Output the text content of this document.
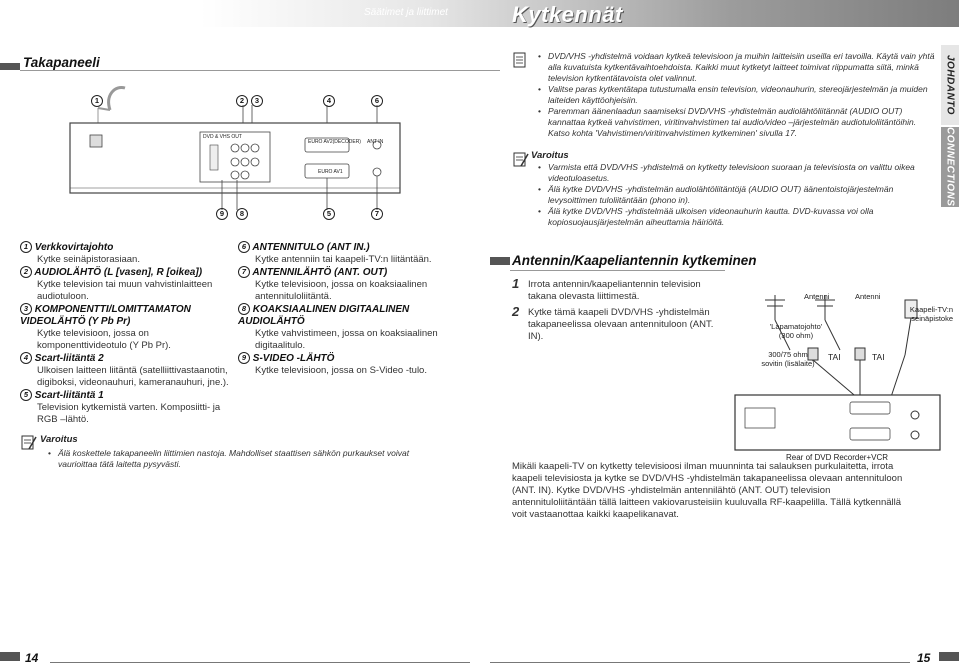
Säätimet ja liittimet	Kytkennät
Takapaneeli
1	2 3	4	6
DVD & VHS OUT
EURO AV2(DECODER)
EURO AV1
ANT IN
9	8	5	7
1 Verkkovirtajohto
Kytke seinäpistorasiaan.
2 AUDIOLÄHTÖ (L [vasen], R [oikea])
Kytke television tai muun vahvistinlaitteen audiotuloon.
3 KOMPONENTTI/LOMITTAMATON VIDEOLÄHTÖ (Y Pb Pr)
Kytke televisioon, jossa on komponenttivideotulo (Y Pb Pr).
4 Scart-liitäntä 2
Ulkoisen laitteen liitäntä (satelliittivastaanotin, digiboksi, videonauhuri, kameranauhuri, jne.).
5 Scart-liitäntä 1
Television kytkemistä varten. Komposiitti- ja RGB –lähtö.
6 ANTENNITULO (ANT IN.)
Kytke antenniin tai kaapeli-TV:n liitäntään.
7 ANTENNILÄHTÖ (ANT. OUT)
Kytke televisioon, jossa on koaksiaalinen antennituloliitäntä.
8 KOAKSIAALINEN DIGITAALINEN AUDIOLÄHTÖ
Kytke vahvistimeen, jossa on koaksiaalinen digitaalitulo.
9 S-VIDEO -LÄHTÖ
Kytke televisioon, jossa on S-Video -tulo.
Varoitus
• Älä koskettele takapaneelin liittimien nastoja. Mahdolliset staattisen sähkön purkaukset voivat vaurioittaa tätä laitetta pysyvästi.
14
• DVD/VHS -yhdistelmä voidaan kytkeä televisioon ja muihin laitteisiin useilla eri tavoilla. Käytä vain yhtä alla kuvatuista kytkentävaihtoehdoista. Kaikki muut kytketyt laitteet toimivat riippumatta siitä, minkä television kytkentätavoista olet valinnut.
• Valitse paras kytkentätapa tutustumalla ensin television, videonauhurin, stereojärjestelmän ja muiden laiteiden käyttöohjeisiin.
• Paremman äänenlaadun saamiseksi DVD/VHS -yhdistelmän audiolähtöliitännät (AUDIO OUT) kannattaa kytkeä vahvistimen, viritinvahvistimen tai audio/video –järjestelmän audiotuloliitäntöihin. Katso kohta 'Vahvistimen/viritinvahvistimen kytkeminen' sivulla 17.
Varoitus
• Varmista että DVD/VHS -yhdistelmä on kytketty televisioon suoraan ja televisiosta on valittu oikea videotuloasetus.
• Älä kytke DVD/VHS -yhdistelmän audiolähtöliitäntöjä (AUDIO OUT) äänentoistojärjestelmän levysoittimen tuloliitäntään (phono in).
• Älä kytke DVD/VHS -yhdistelmää ulkoisen videonauhurin kautta. DVD-kuvassa voi olla kopiosuojausjärjestelmän aiheuttamia häiriöitä.
JOHDANTO
CONNECTIONS
Antennin/Kaapeliantennin kytkeminen
1 Irrota antennin/kaapeliantennin television takana olevasta liittimestä.
2 Kytke tämä kaapeli DVD/VHS -yhdistelmän takapaneelissa olevaan antennituloon (ANT. IN).
Antenni	Antenni
Kaapeli-TV:n seinäpistoke
'Lapamatojohto' (300 ohm)
300/75 ohm sovitin (lisälaite)
TAI	TAI
Rear of DVD Recorder+VCR
Mikäli kaapeli-TV on kytketty televisioosi ilman muunninta tai salauksen purkulaitetta, irrota kaapeli televisiosta ja kytke se DVD/VHS -yhdistelmän takapaneelissa olevaan antennituloon (ANT. IN). Kytke DVD/VHS -yhdistelmän antennilähtö (ANT. OUT) television antennituloliitäntään tällä laitteen vakiovarusteisiin kuuluvalla RF-kaapelilla. Tällä kytkennällä voit vastaanottaa kaikki kaapelikanavat.
15
